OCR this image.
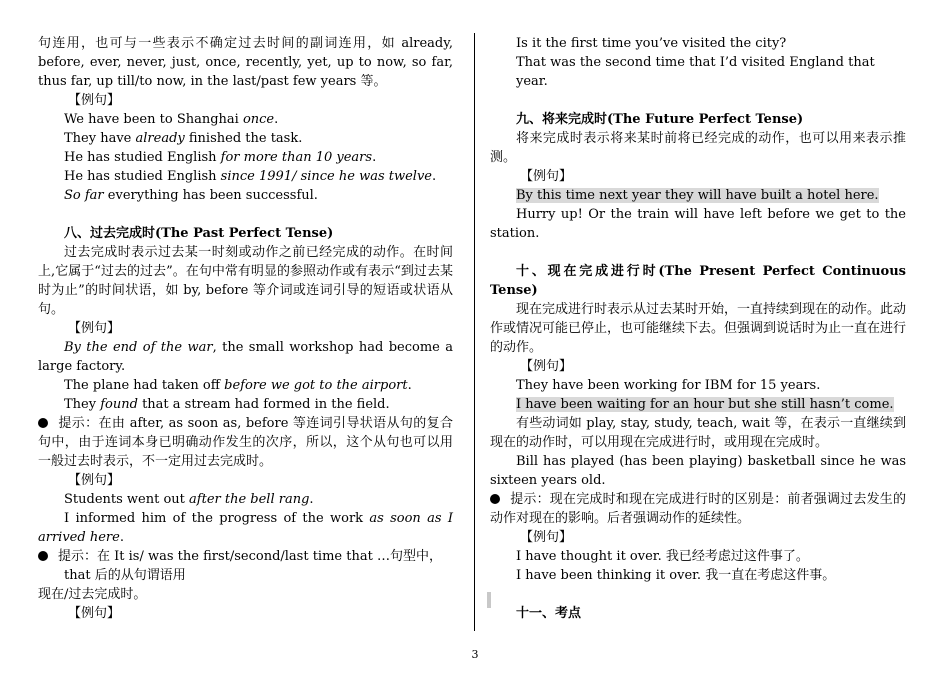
句连用，也可与一些表示不确定过去时间的副词连用，如 already, before, ever, never, just, once, recently, yet, up to now, so far, thus far, up till/to now, in the last/past few years 等。

【例句】

We have been to Shanghai once.

They have already finished the task.

He has studied English for more than 10 years.

He has studied English since 1991/ since he was twelve.

So far everything has been successful.

八、过去完成时(The Past Perfect Tense)

过去完成时表示过去某一时刻或动作之前已经完成的动作。在时间上,它属于“过去的过去”。在句中常有明显的参照动作或有表示“到过去某时为止”的时间状语，如 by, before 等介词或连词引导的短语或状语从句。

【例句】

By the end of the war, the small workshop had become a large factory.

The plane had taken off before we got to the airport.

They found that a stream had formed in the field.

提示：在由 after, as soon as, before 等连词引导状语从句的复合句中，由于连词本身已明确动作发生的次序，所以，这个从句也可以用一般过去时表示，不一定用过去完成时。

【例句】

Students went out after the bell rang.

I informed him of the progress of the work as soon as I arrived here.

提示：在 It is/ was the first/second/last time that …句型中，

that 后的从句谓语用

现在/过去完成时。

【例句】

Is it the first time you’ve visited the city?

That was the second time that I’d visited England that year.

九、将来完成时(The Future Perfect Tense)

将来完成时表示将来某时前将已经完成的动作，也可以用来表示推测。

【例句】

By this time next year they will have built a hotel here.

Hurry up! Or the train will have left before we get to the station.

十、现在完成进行时(The Present Perfect Continuous Tense)

现在完成进行时表示从过去某时开始，一直持续到现在的动作。此动作或情况可能已停止，也可能继续下去。但强调到说话时为止一直在进行的动作。

【例句】

They have been working for IBM for 15 years.

I have been waiting for an hour but she still hasn’t come.

有些动词如 play, stay, study, teach, wait 等，在表示一直继续到现在的动作时，可以用现在完成进行时，或用现在完成时。

Bill has played (has been playing) basketball since he was sixteen years old.

提示：现在完成时和现在完成进行时的区别是：前者强调过去发生的动作对现在的影响。后者强调动作的延续性。

【例句】

I have thought it over. 我已经考虑过这件事了。

I have been thinking it over. 我一直在考虑这件事。

十一、考点

3
